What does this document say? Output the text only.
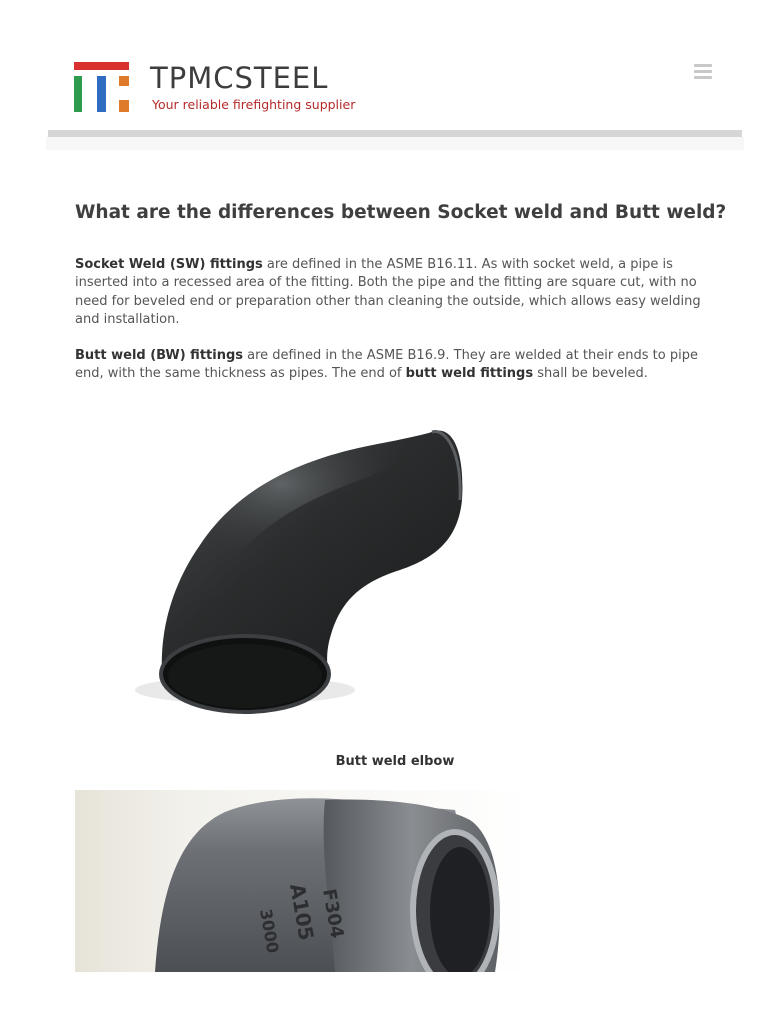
TPMCSTEEL
Your reliable firefighting supplier
What are the differences between Socket weld and Butt weld?

Socket Weld (SW) fittings are defined in the ASME B16.11. As with socket weld, a pipe is inserted into a recessed area of the fitting. Both the pipe and the fitting are square cut, with no need for beveled end or preparation other than cleaning the outside, which allows easy welding and installation.

Butt weld (BW) fittings are defined in the ASME B16.9. They are welded at their ends to pipe end, with the same thickness as pipes. The end of butt weld fittings shall be beveled.

Butt weld elbow
A105 F304
3000
